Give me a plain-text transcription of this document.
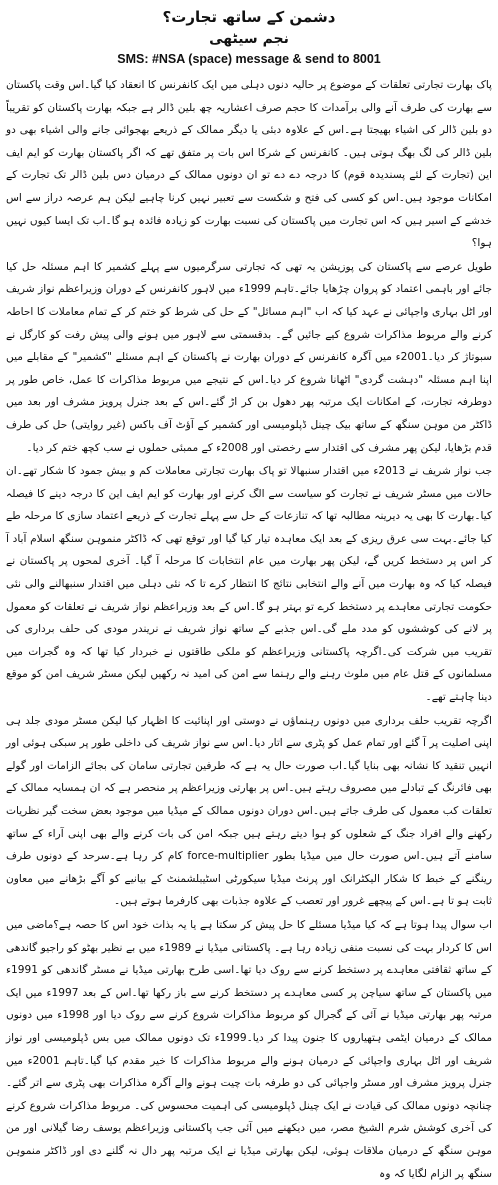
دشمن کے ساتھ تجارت؟
نجم سیٹھی
SMS: #NSA (space) message & send to 8001

پاک بھارت تجارتی تعلقات کے موضوع پر حالیہ دنوں دہلی میں ایک کانفرنس کا انعقاد کیا گیا۔اس وقت پاکستان سے بھارت کی طرف آنے والی برآمدات کا حجم صرف اعشاریہ چھ بلین ڈالر ہے جبکہ بھارت پاکستان کو تقریباً دو بلین ڈالر کی اشیاء بھیجتا ہے۔اس کے علاوہ دبئی یا دیگر ممالک کے ذریعے بھجوائی جانے والی اشیاء بھی دو بلین ڈالر کی لگ بھگ ہوتی ہیں۔ کانفرنس کے شرکا اس بات پر متفق تھے کہ اگر پاکستان بھارت کو ایم ایف این (تجارت کے لئے پسندیدہ قوم) کا درجہ دے دے تو ان دونوں ممالک کے درمیان دس بلین ڈالر تک تجارت کے امکانات موجود ہیں۔اس کو کسی کی فتح و شکست سے تعبیر نہیں کرنا چاہیے لیکن ہم عرصہ دراز سے اس خدشے کے اسیر ہیں کہ اس تجارت میں پاکستان کی نسبت بھارت کو زیادہ فائدہ ہو گا۔اب تک ایسا کیوں نہیں ہوا؟

طویل عرصے سے پاکستان کی پوزیشن یہ تھی کہ تجارتی سرگرمیوں سے پہلے کشمیر کا اہم مسئلہ حل کیا جائے اور باہمی اعتماد کو پروان چڑھایا جائے۔تاہم 1999ء میں لاہور کانفرنس کے دوران وزیراعظم نواز شریف اور اٹل بہاری واجپائی نے عہد کیا کہ اب "اہم مسائل" کے حل کی شرط کو ختم کر کے تمام معاملات کا احاطہ کرنے والے مربوط مذاکرات شروع کیے جائیں گے۔ بدقسمتی سے لاہور میں ہونے والی پیش رفت کو کارگل نے سبوتاژ کر دیا۔2001ء میں آگرہ کانفرنس کے دوران بھارت نے پاکستان کے اہم مسئلے "کشمیر" کے مقابلے میں اپنا اہم مسئلہ "دہشت گردی" اٹھانا شروع کر دیا۔اس کے نتیجے میں مربوط مذاکرات کا عمل، خاص طور پر دوطرفہ تجارت، کے امکانات ایک مرتبہ پھر دھول بن کر اڑ گئے۔اس کے بعد جنرل پرویز مشرف اور بعد میں ڈاکٹر من موہن سنگھ کے ساتھ بیک چینل ڈپلومیسی اور کشمیر کے آؤٹ آف باکس (غیر روایتی) حل کی طرف قدم بڑھایا، لیکن پھر مشرف کی اقتدار سے رخصتی اور 2008ء کے ممبئی حملوں نے سب کچھ ختم کر دیا۔

جب نواز شریف نے 2013ء میں اقتدار سنبھالا تو پاک بھارت تجارتی معاملات کم و بیش جمود کا شکار تھے۔ان حالات میں مسٹر شریف نے تجارت کو سیاست سے الگ کرنے اور بھارت کو ایم ایف این کا درجہ دینے کا فیصلہ کیا۔بھارت کا بھی یہ دیرینہ مطالبہ تھا کہ تنازعات کے حل سے پہلے تجارت کے ذریعے اعتماد سازی کا مرحلہ طے کیا جائے۔بہت سی عرق ریزی کے بعد ایک معاہدہ تیار کیا گیا اور توقع تھی کہ ڈاکٹر منموہن سنگھ اسلام آباد آ کر اس پر دستخط کریں گے، لیکن پھر بھارت میں عام انتخابات کا مرحلہ آ گیا۔ آخری لمحوں پر پاکستان نے فیصلہ کیا کہ وہ بھارت میں آنے والے انتخابی نتائج کا انتظار کرے تا کہ نئی دہلی میں اقتدار سنبھالنے والی نئی حکومت تجارتی معاہدے پر دستخط کرے تو بہتر ہو گا۔اس کے بعد وزیراعظم نواز شریف نے تعلقات کو معمول پر لانے کی کوششوں کو مدد ملے گی۔اس جذبے کے ساتھ نواز شریف نے نریندر مودی کی حلف برداری کی تقریب میں شرکت کی۔اگرچہ پاکستانی وزیراعظم کو ملکی طاقتوں نے خبردار کیا تھا کہ وہ گجرات میں مسلمانوں کے قتل عام میں ملوث رہنے والے رہنما سے امن کی امید نہ رکھیں لیکن مسٹر شریف امن کو موقع دینا چاہتے تھے۔

اگرچہ تقریب حلف برداری میں دونوں رہنماؤں نے دوستی اور اپنائیت کا اظہار کیا لیکن مسٹر مودی جلد ہی اپنی اصلیت پر آ گئے اور تمام عمل کو پٹری سے اتار دیا۔اس سے نواز شریف کی داخلی طور پر سبکی ہوئی اور انہیں تنقید کا نشانہ بھی بنایا گیا۔اب صورت حال یہ ہے کہ طرفین تجارتی سامان کی بجائے الزامات اور گولے بھی فائرنگ کے تبادلے میں مصروف رہتے ہیں۔اس پر بھارتی وزیراعظم پر منحصر ہے کہ ان ہمسایہ ممالک کے تعلقات کب معمول کی طرف جاتے ہیں۔اس دوران دونوں ممالک کے میڈیا میں موجود بعض سخت گیر نظریات رکھنے والے افراد جنگ کے شعلوں کو ہوا دیتے رہتے ہیں جبکہ امن کی بات کرنے والے بھی اپنی آراء کے ساتھ سامنے آتے ہیں۔اس صورت حال میں میڈیا بطور force-multiplier کام کر رہا ہے۔سرحد کے دونوں طرف رینگنے کے خبط کا شکار الیکٹرانک اور پرنٹ میڈیا سیکورٹی اسٹیبلشمنٹ کے بیانیے کو آگے بڑھانے میں معاون ثابت ہو تا ہے۔اس کے پیچھے غرور اور تعصب کے علاوہ جذبات بھی کارفرما ہوتے ہیں۔

اب سوال پیدا ہوتا ہے کہ کیا میڈیا مسئلے کا حل پیش کر سکتا ہے یا یہ بذات خود اس کا حصہ ہے؟ماضی میں اس کا کردار بہت کی نسبت منفی زیادہ رہا ہے۔ پاکستانی میڈیا نے 1989ء میں بے نظیر بھٹو کو راجیو گاندھی کے ساتھ ثقافتی معاہدے پر دستخط کرنے سے روک دیا تھا۔اسی طرح بھارتی میڈیا نے مسٹر گاندھی کو 1991ء میں پاکستان کے ساتھ سیاچن پر کسی معاہدے پر دستخط کرنے سے باز رکھا تھا۔اس کے بعد 1997ء میں ایک مرتبہ پھر بھارتی میڈیا نے آئی کے گجرال کو مربوط مذاکرات شروع کرنے سے روک دیا اور 1998ء میں دونوں ممالک کے درمیان ایٹمی ہتھیاروں کا جنون پیدا کر دیا۔1999ء تک دونوں ممالک میں بس ڈپلومیسی اور نواز شریف اور اٹل بہاری واجپائی کے درمیان ہونے والے مربوط مذاکرات کا خیر مقدم کیا گیا۔تاہم 2001ء میں جنرل پرویز مشرف اور مسٹر واجپائی کی دو طرفہ بات چیت ہونے والے آگرہ مذاکرات بھی پٹری سے اتر گئے۔چنانچہ دونوں ممالک کی قیادت نے ایک چینل ڈپلومیسی کی اہمیت محسوس کی۔ مربوط مذاکرات شروع کرنے کی آخری کوشش شرم الشیخ مصر، میں دیکھنے میں آئی جب پاکستانی وزیراعظم یوسف رضا گیلانی اور من موہن سنگھ کے درمیان ملاقات ہوئی، لیکن بھارتی میڈیا نے ایک مرتبہ پھر دال نہ گلنے دی اور ڈاکٹر منموہن سنگھ پر الزام لگایا کہ وہ
